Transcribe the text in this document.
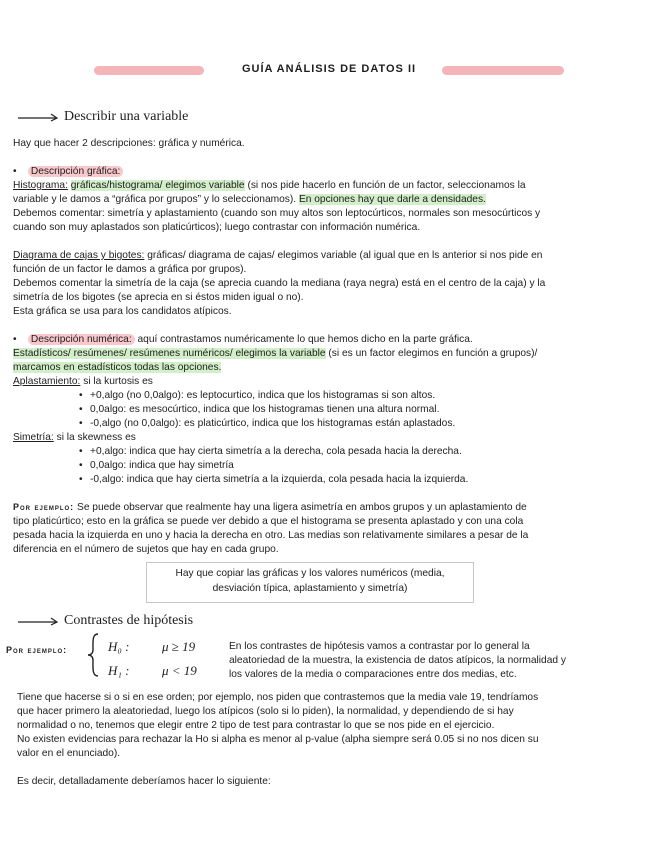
GUÍA ANÁLISIS DE DATOS II
Describir una variable
Hay que hacer 2 descripciones: gráfica y numérica.
•    Descripción gráfica:
Histograma: gráficas/histograma/ elegimos variable (si nos pide hacerlo en función de un factor, seleccionamos la
variable y le damos a “gráfica por grupos” y lo seleccionamos). En opciones hay que darle a densidades.
Debemos comentar: simetría y aplastamiento (cuando son muy altos son leptocúrticos, normales son mesocúrticos y
cuando son muy aplastados son platicúrticos); luego contrastar con información numérica.
Diagrama de cajas y bigotes: gráficas/ diagrama de cajas/ elegimos variable (al igual que en ls anterior si nos pide en
función de un factor le damos a gráfica por grupos).
Debemos comentar la simetría de la caja (se aprecia cuando la mediana (raya negra) está en el centro de la caja) y la
simetría de los bigotes (se aprecia en si éstos miden igual o no).
Esta gráfica se usa para los candidatos atípicos.
•    Descripción numérica: aquí contrastamos numéricamente lo que hemos dicho en la parte gráfica.
Estadísticos/ resúmenes/ resúmenes numéricos/ elegimos la variable (si es un factor elegimos en función a grupos)/
marcamos en estadísticos todas las opciones.
Aplastamiento: si la kurtosis es
• +0,algo (no 0,0algo): es leptocurtico, indica que los histogramas si son altos.
• 0,0algo: es mesocúrtico, indica que los histogramas tienen una altura normal.
• -0,algo (no 0,0algo): es platicúrtico, indica que los histogramas están aplastados.
Simetría: si la skewness es
• +0,algo: indica que hay cierta simetría a la derecha, cola pesada hacia la derecha.
• 0,0algo: indica que hay simetría
• -0,algo: indica que hay cierta simetría a la izquierda, cola pesada hacia la izquierda.
Por ejemplo: Se puede observar que realmente hay una ligera asimetría en ambos grupos y un aplastamiento de
tipo platicúrtico; esto en la gráfica se puede ver debido a que el histograma se presenta aplastado y con una cola
pesada hacia la izquierda en uno y hacia la derecha en otro. Las medias son relativamente similares a pesar de la
diferencia en el número de sujetos que hay en cada grupo.
Hay que copiar las gráficas y los valores numéricos (media,
desviación típica, aplastamiento y simetría)
Contrastes de hipótesis
Por ejemplo:	H₀ :	μ ≥ 19
H₁ :	μ < 19
En los contrastes de hipótesis vamos a contrastar por lo general la
aleatoriedad de la muestra, la existencia de datos atípicos, la normalidad y
los valores de la media o comparaciones entre dos medias, etc.
Tiene que hacerse si o si en ese orden; por ejemplo, nos piden que contrastemos que la media vale 19, tendríamos
que hacer primero la aleatoriedad, luego los atípicos (solo si lo piden), la normalidad, y dependiendo de si hay
normalidad o no, tenemos que elegir entre 2 tipo de test para contrastar lo que se nos pide en el ejercicio.
No existen evidencias para rechazar la Ho si alpha es menor al p-value (alpha siempre será 0.05 si no nos dicen su
valor en el enunciado).
Es decir, detalladamente deberíamos hacer lo siguiente:
